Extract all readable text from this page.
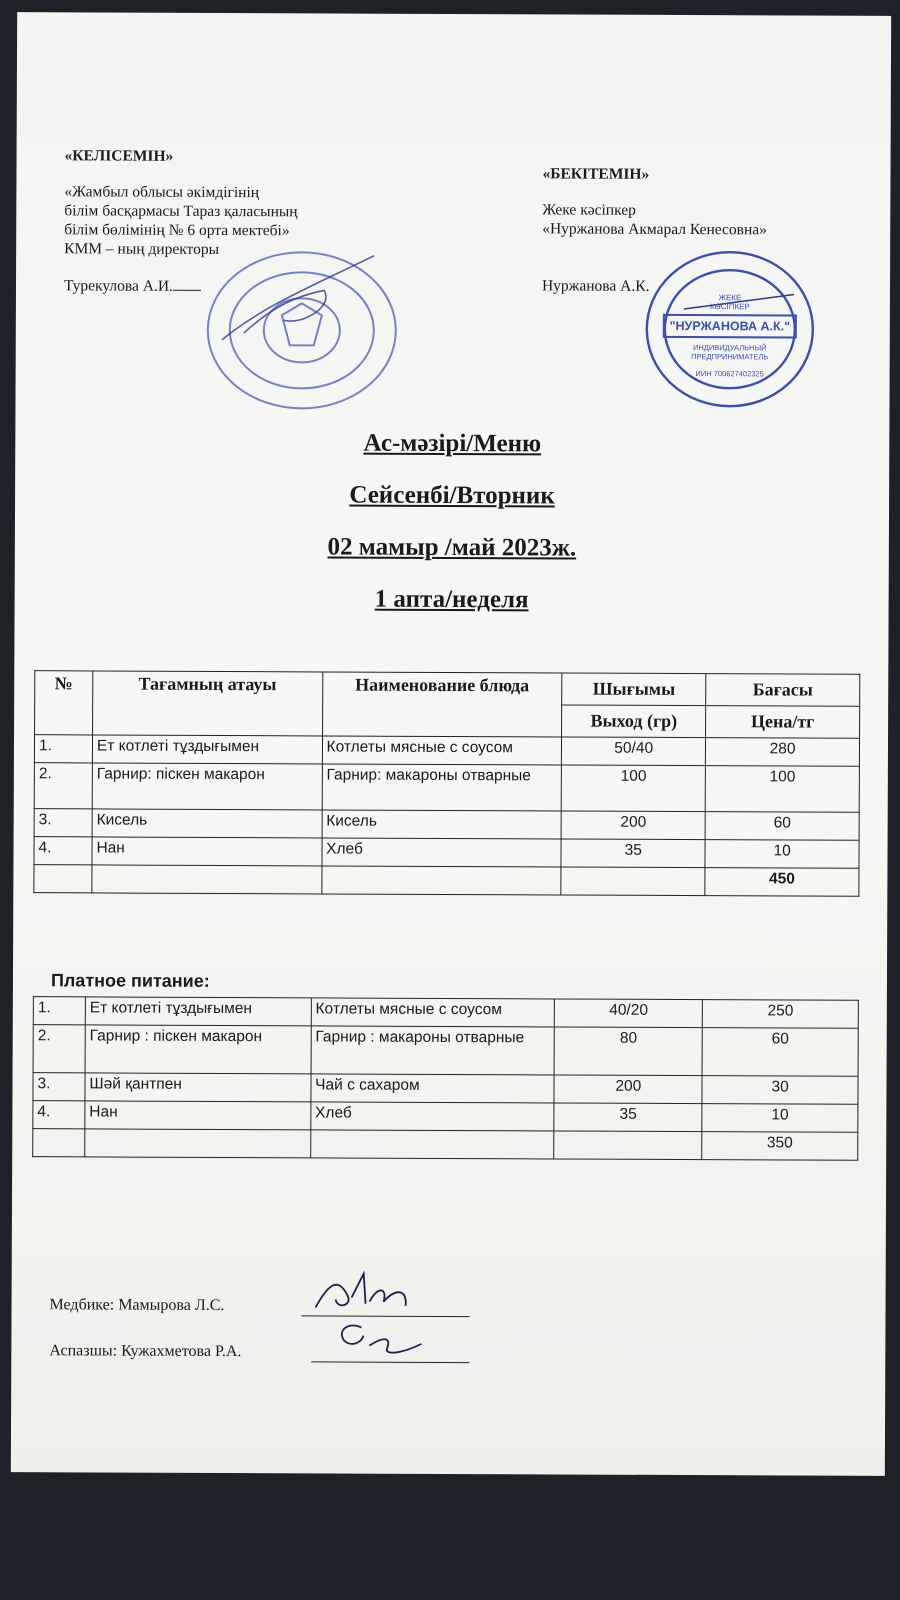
«КЕЛІСЕМІН»
«Жамбыл облысы әкімдігінің
білім басқармасы Тараз қаласының
білім бөлімінің № 6 орта мектебі»
КММ – ның директоры
Турекулова А.И.
«БЕКІТЕМІН»
Жеке кәсіпкер
«Нуржанова Акмарал Кенесовна»
Нуржанова А.К.
ЖЕКЕ
КӘСІПКЕР
"НУРЖАНОВА А.К."
ИНДИВИДУАЛЬНЫЙ
ПРЕДПРИНИМАТЕЛЬ
ИИН 700627402325
Ас-мәзірі/Меню
Сейсенбі/Вторник
02 мамыр /май 2023ж.
1 апта/неделя
№	Тағамның атауы	Наименование блюда	Шығымы	Бағасы
			Выход (гр)	Цена/тг
1.	Ет котлеті тұздығымен	Котлеты мясные с соусом	50/40	280
2.	Гарнир: піскен макарон	Гарнир: макароны отварные	100	100
3.	Кисель	Кисель	200	60
4.	Нан	Хлеб	35	10
				450
Платное питание:
1.	Ет котлеті тұздығымен	Котлеты мясные с соусом	40/20	250
2.	Гарнир : піскен макарон	Гарнир : макароны отварные	80	60
3.	Шәй қантпен	Чай с сахаром	200	30
4.	Нан	Хлеб	35	10
				350
Медбике: Мамырова Л.С.
Аспазшы: Кужахметова Р.А.
